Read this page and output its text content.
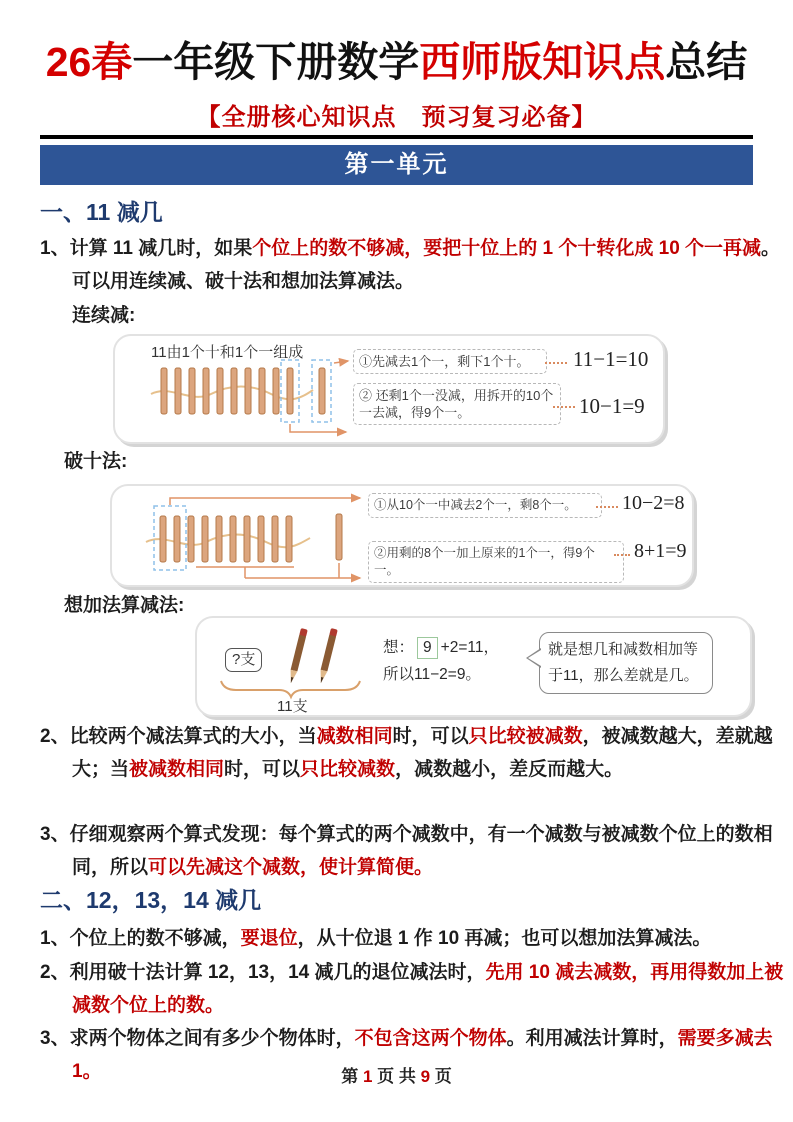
26春一年级下册数学西师版知识点总结
【全册核心知识点　预习复习必备】
第一单元
一、11 减几

1、计算 11 减几时，如果个位上的数不够减，要把十位上的 1 个十转化成 10 个一再减。可以用连续减、破十法和想加法算减法。

连续减:
11由1个十和1个一组成
①先减去1个一，剩下1个十。	11−1=10
② 还剩1个一没减，用拆开的10个一去减，得9个一。	10−1=9
破十法:
①从10个一中减去2个一，剩8个一。	10−2=8
②用剩的8个一加上原来的1个一，得9个一。
8+1=9
想加法算减法:
?支
11支
想： 9 +2=11，
所以11−2=9。
就是想几和减数相加等于11，那么差就是几。

2、比较两个减法算式的大小，当减数相同时，可以只比较被减数，被减数越大，差就越大；当被减数相同时，可以只比较减数，减数越小，差反而越大。

3、仔细观察两个算式发现：每个算式的两个减数中，有一个减数与被减数个位上的数相同，所以可以先减这个减数，使计算简便。

二、12，13，14 减几

1、个位上的数不够减，要退位，从十位退 1 作 10 再减；也可以想加法算减法。

2、利用破十法计算 12，13，14 减几的退位减法时，先用 10 减去减数，再用得数加上被减数个位上的数。

3、求两个物体之间有多少个物体时，不包含这两个物体。利用减法计算时，需要多减去 1。	第 1 页 共 9 页
